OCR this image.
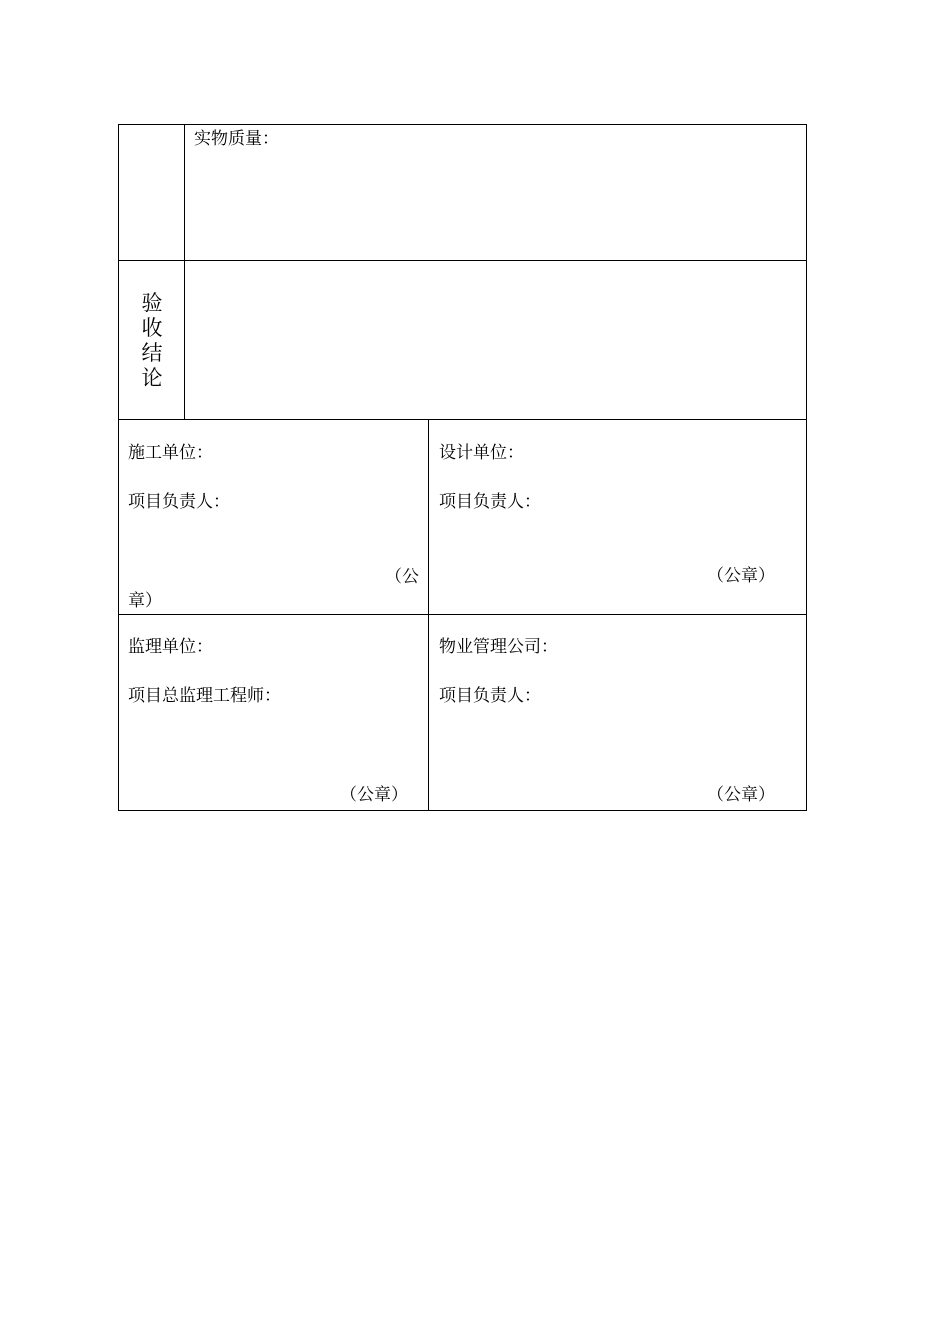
实物质量：
验收结论
施工单位：
项目负责人：
（公
章）
设计单位：
项目负责人：
（公章）
监理单位：
项目总监理工程师：
（公章）
物业管理公司：
项目负责人：
（公章）
